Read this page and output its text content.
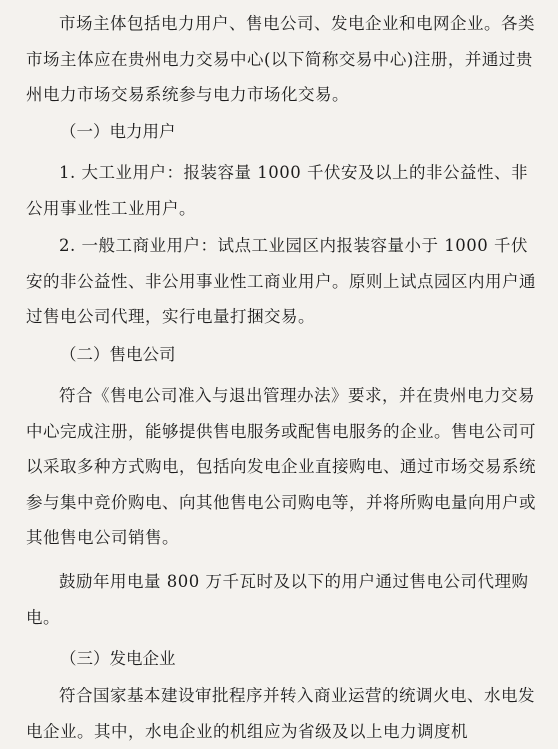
市场主体包括电力用户、售电公司、发电企业和电网企业。各类市场主体应在贵州电力交易中心(以下简称交易中心)注册，并通过贵州电力市场交易系统参与电力市场化交易。

（一）电力用户

1. 大工业用户：报装容量 1000 千伏安及以上的非公益性、非公用事业性工业用户。

2. 一般工商业用户：试点工业园区内报装容量小于 1000 千伏安的非公益性、非公用事业性工商业用户。原则上试点园区内用户通过售电公司代理，实行电量打捆交易。

（二）售电公司

符合《售电公司准入与退出管理办法》要求，并在贵州电力交易中心完成注册，能够提供售电服务或配售电服务的企业。售电公司可以采取多种方式购电，包括向发电企业直接购电、通过市场交易系统参与集中竞价购电、向其他售电公司购电等，并将所购电量向用户或其他售电公司销售。

鼓励年用电量 800 万千瓦时及以下的用户通过售电公司代理购电。

（三）发电企业

符合国家基本建设审批程序并转入商业运营的统调火电、水电发电企业。其中，水电企业的机组应为省级及以上电力调度机
